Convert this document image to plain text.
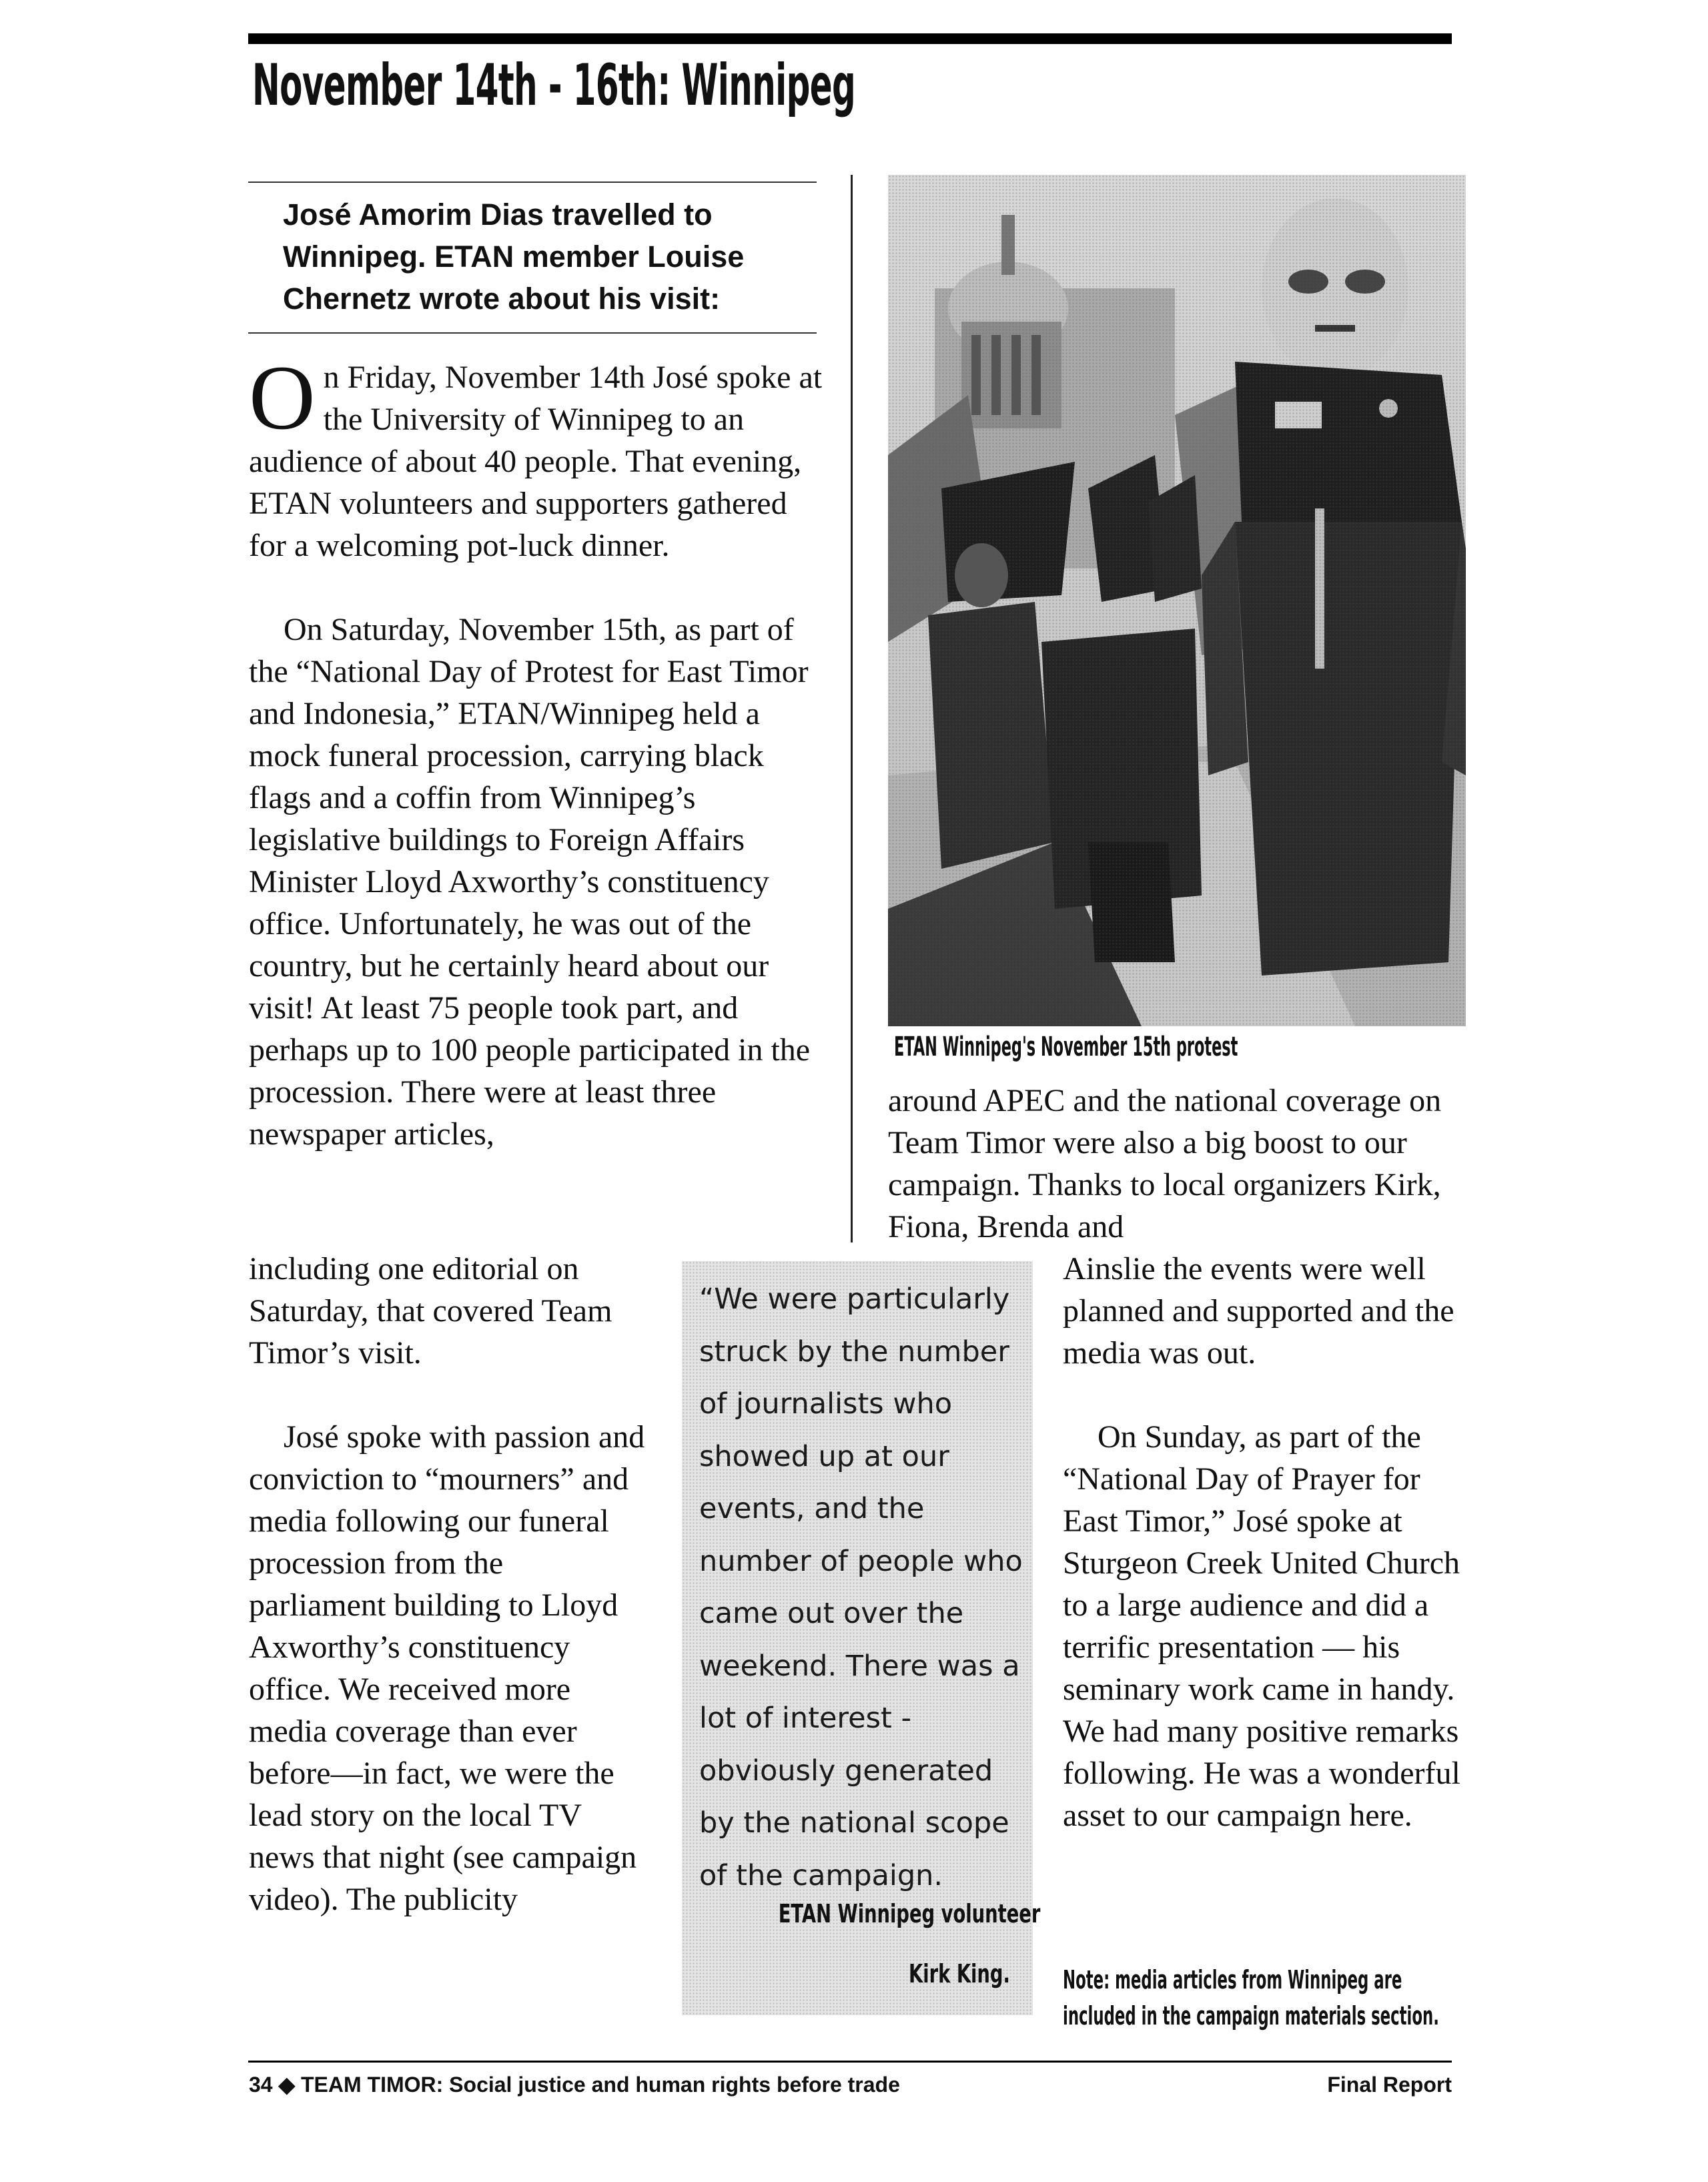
November 14th - 16th: Winnipeg

José Amorim Dias travelled to Winnipeg. ETAN member Louise Chernetz wrote about his visit:

On Friday, November 14th José spoke at the University of Winnipeg to an audience of about 40 people. That evening, ETAN volunteers and supporters gathered for a welcoming pot-luck dinner.

On Saturday, November 15th, as part of the “National Day of Protest for East Timor and Indonesia,” ETAN/Winnipeg held a mock funeral procession, carrying black flags and a coffin from Winnipeg’s legislative buildings to Foreign Affairs Minister Lloyd Axworthy’s constituency office. Unfortunately, he was out of the country, but he certainly heard about our visit! At least 75 people took part, and perhaps up to 100 people participated in the procession. There were at least three newspaper articles,

including one editorial on Saturday, that covered Team Timor’s visit.

José spoke with passion and conviction to “mourners” and media following our funeral procession from the parliament building to Lloyd Axworthy’s constituency office. We received more media coverage than ever before—in fact, we were the lead story on the local TV news that night (see campaign video). The publicity

ETAN Winnipeg's November 15th protest

around APEC and the national coverage on Team Timor were also a big boost to our campaign. Thanks to local organizers Kirk, Fiona, Brenda and

Ainslie the events were well planned and supported and the media was out.

On Sunday, as part of the “National Day of Prayer for East Timor,” José spoke at Sturgeon Creek United Church to a large audience and did a terrific presentation — his seminary work came in handy. We had many positive remarks following. He was a wonderful asset to our campaign here.

“We were particularly struck by the number of journalists who showed up at our events, and the number of people who came out over the weekend. There was a lot of interest - obviously generated by the national scope of the campaign.

ETAN Winnipeg volunteer

Kirk King. Note: media articles from Winnipeg are included in the campaign materials section.

34 ◆ TEAM TIMOR: Social justice and human rights before trade	Final Report
